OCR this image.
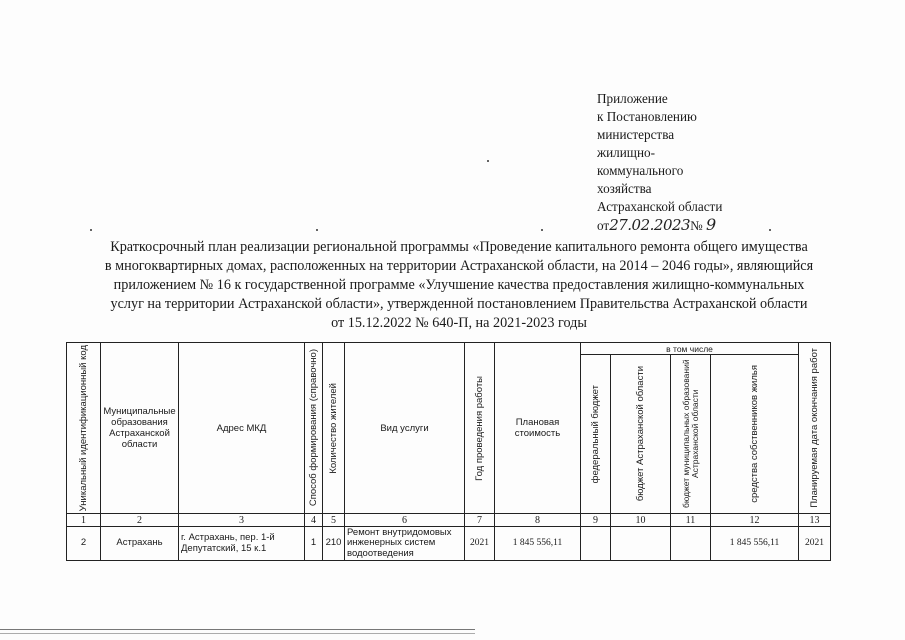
Приложение
к Постановлению
министерства
жилищно-
коммунального
хозяйства
Астраханской области
от27.02.2023№ 9
Краткосрочный план реализации региональной программы «Проведение капитального ремонта общего имущества
в многоквартирных домах, расположенных на территории Астраханской области, на 2014 – 2046 годы», являющийся
приложением № 16 к государственной программе «Улучшение качества предоставления жилищно-коммунальных
услуг на территории Астраханской области», утвержденной постановлением Правительства Астраханской области
от 15.12.2022 № 640-П, на 2021-2023 годы
Уникальный идентификационный код	Муниципальные образования Астраханской области	Адрес МКД	Способ формирования (справочно)	Количество жителей	Вид услуги	Год проведения работы	Плановая стоимость	в том числе				Планируемая дата окончания работ

								федеральный бюджет	бюджет Астраханской области	бюджет муниципальных образований Астраханской области	средства собственников жилья	

1	2	3	4	5	6	7	8	9	10	11	12	13
2	Астрахань	г. Астрахань, пер. 1-й Депутатский, 15 к.1	1	210	Ремонт внутридомовых инженерных систем водоотведения	2021	1 845 556,11				1 845 556,11	2021
